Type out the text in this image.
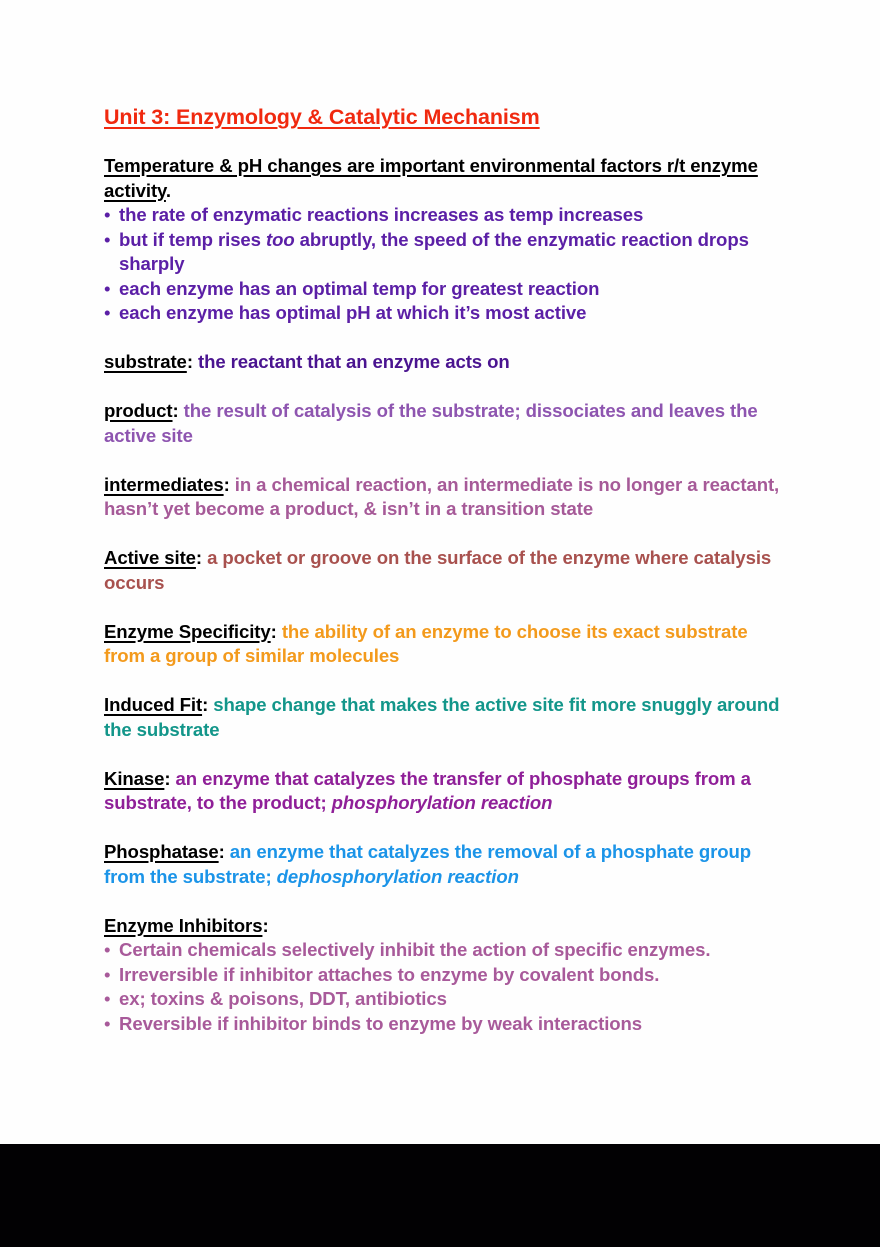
Unit 3: Enzymology & Catalytic Mechanism
Temperature & pH changes are important environmental factors r/t enzyme activity.
• the rate of enzymatic reactions increases as temp increases
• but if temp rises too abruptly, the speed of the enzymatic reaction drops sharply
• each enzyme has an optimal temp for greatest reaction
• each enzyme has optimal pH at which it’s most active
substrate: the reactant that an enzyme acts on
product: the result of catalysis of the substrate; dissociates and leaves the active site
intermediates: in a chemical reaction, an intermediate is no longer a reactant, hasn’t yet become a product, & isn’t in a transition state
Active site: a pocket or groove on the surface of the enzyme where catalysis occurs
Enzyme Specificity: the ability of an enzyme to choose its exact substrate from a group of similar molecules
Induced Fit: shape change that makes the active site fit more snuggly around the substrate
Kinase: an enzyme that catalyzes the transfer of phosphate groups from a substrate, to the product; phosphorylation reaction
Phosphatase: an enzyme that catalyzes the removal of a phosphate group from the substrate; dephosphorylation reaction
Enzyme Inhibitors:
• Certain chemicals selectively inhibit the action of specific enzymes.
• Irreversible if inhibitor attaches to enzyme by covalent bonds.
• ex; toxins & poisons, DDT, antibiotics
• Reversible if inhibitor binds to enzyme by weak interactions
